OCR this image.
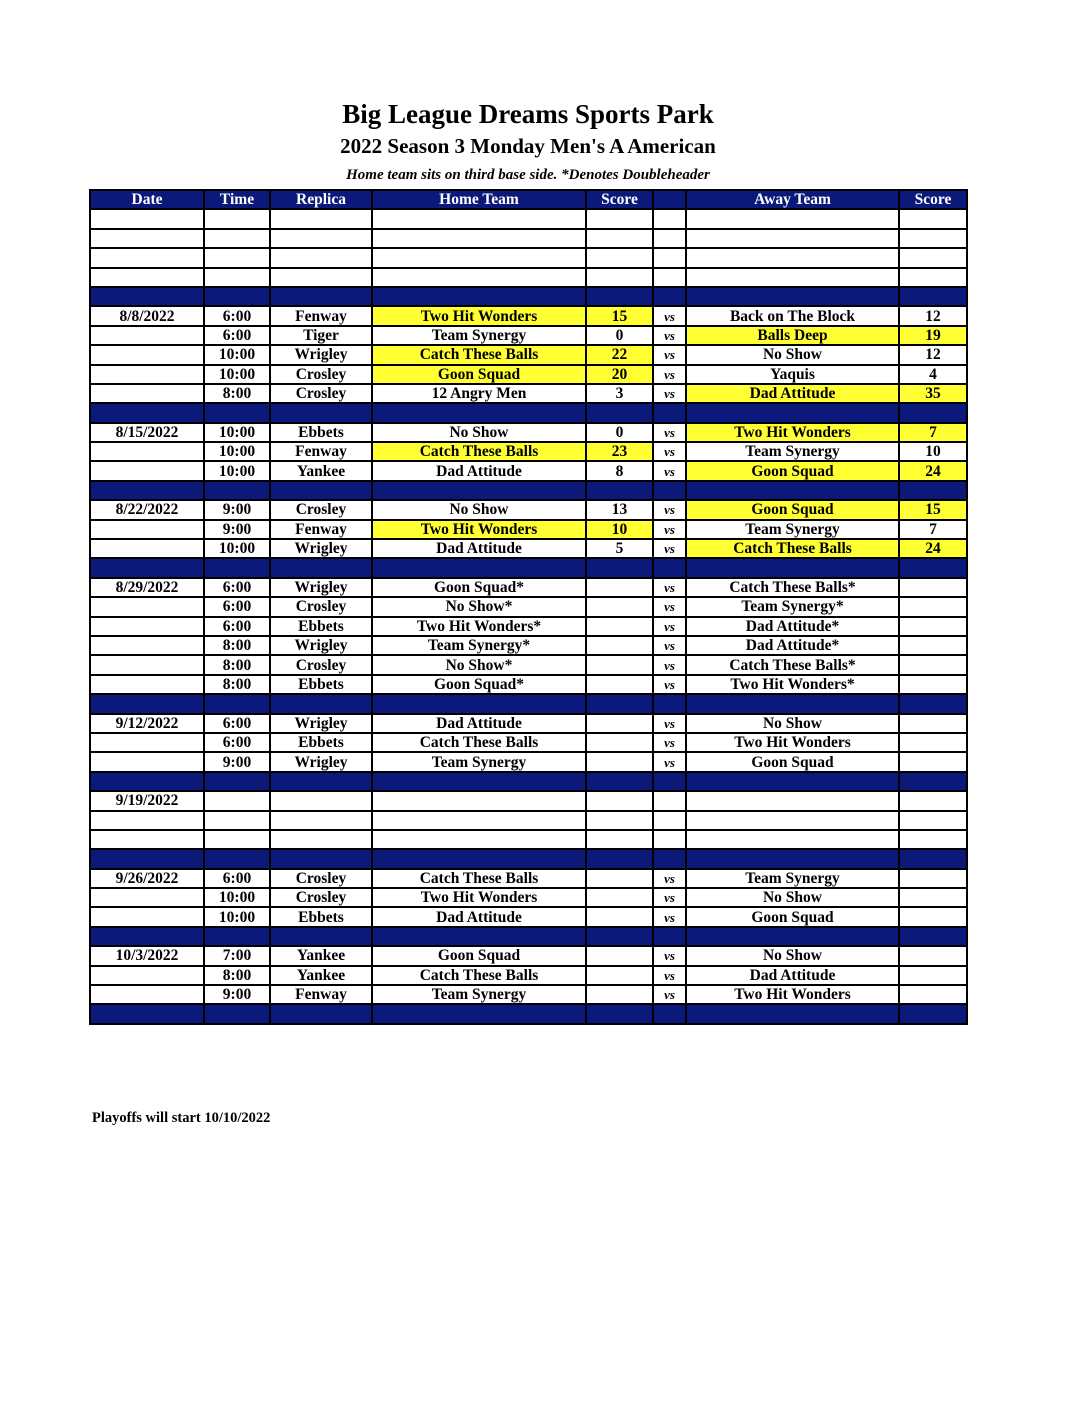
Big League Dreams Sports Park
2022 Season 3 Monday Men's A American
Home team sits on third base side. *Denotes Doubleheader
Date	Time	Replica	Home Team	Score		Away Team	Score

8/8/2022	6:00	Fenway	Two Hit Wonders	15	vs	Back on The Block	12
	6:00	Tiger	Team Synergy	0	vs	Balls Deep	19
	10:00	Wrigley	Catch These Balls	22	vs	No Show	12
	10:00	Crosley	Goon Squad	20	vs	Yaquis	4
	8:00	Crosley	12 Angry Men	3	vs	Dad Attitude	35

8/15/2022	10:00	Ebbets	No Show	0	vs	Two Hit Wonders	7
	10:00	Fenway	Catch These Balls	23	vs	Team Synergy	10
	10:00	Yankee	Dad Attitude	8	vs	Goon Squad	24

8/22/2022	9:00	Crosley	No Show	13	vs	Goon Squad	15
	9:00	Fenway	Two Hit Wonders	10	vs	Team Synergy	7
	10:00	Wrigley	Dad Attitude	5	vs	Catch These Balls	24

8/29/2022	6:00	Wrigley	Goon Squad*		vs	Catch These Balls*	
	6:00	Crosley	No Show*		vs	Team Synergy*	
	6:00	Ebbets	Two Hit Wonders*		vs	Dad Attitude*	
	8:00	Wrigley	Team Synergy*		vs	Dad Attitude*	
	8:00	Crosley	No Show*		vs	Catch These Balls*	
	8:00	Ebbets	Goon Squad*		vs	Two Hit Wonders*	

9/12/2022	6:00	Wrigley	Dad Attitude		vs	No Show	
	6:00	Ebbets	Catch These Balls		vs	Two Hit Wonders	
	9:00	Wrigley	Team Synergy		vs	Goon Squad	

9/19/2022							

9/26/2022	6:00	Crosley	Catch These Balls		vs	Team Synergy	
	10:00	Crosley	Two Hit Wonders		vs	No Show	
	10:00	Ebbets	Dad Attitude		vs	Goon Squad	

10/3/2022	7:00	Yankee	Goon Squad		vs	No Show	
	8:00	Yankee	Catch These Balls		vs	Dad Attitude	
	9:00	Fenway	Team Synergy		vs	Two Hit Wonders	

Playoffs will start 10/10/2022
